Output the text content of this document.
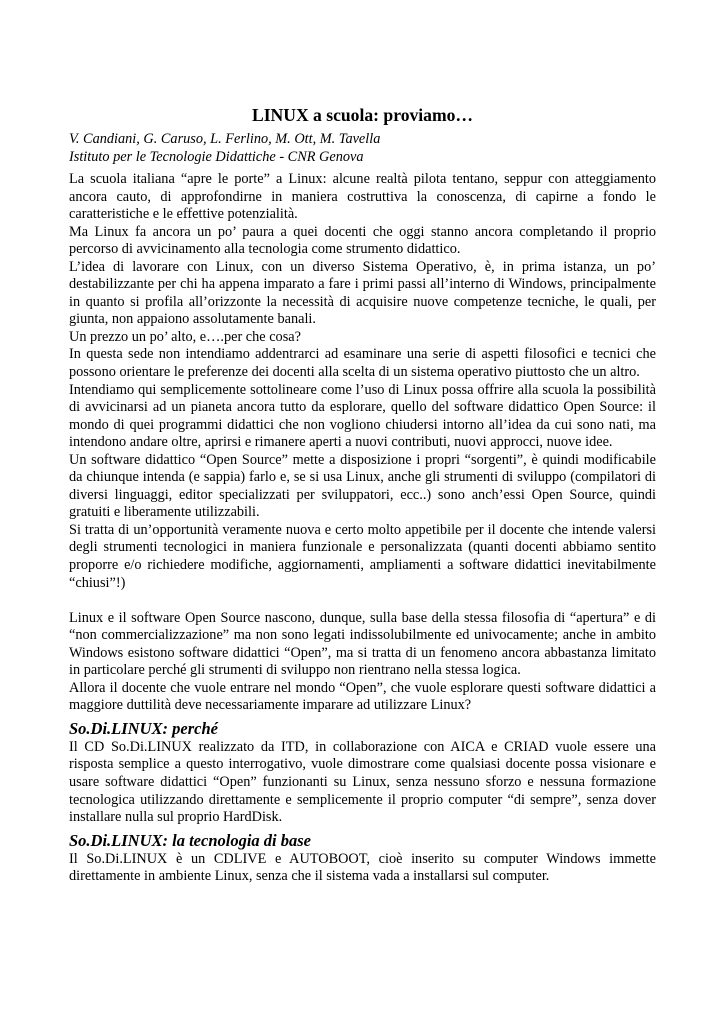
LINUX a scuola: proviamo…

V. Candiani, G. Caruso, L. Ferlino, M. Ott, M. Tavella

Istituto per le Tecnologie Didattiche - CNR Genova

La scuola italiana “apre le porte” a Linux: alcune realtà pilota tentano, seppur con atteggiamento ancora cauto, di approfondirne in maniera costruttiva la conoscenza, di capirne a fondo le caratteristiche e le effettive potenzialità.

Ma Linux fa ancora un po’ paura a quei docenti che oggi stanno ancora completando il proprio percorso di avvicinamento alla tecnologia come strumento didattico.

L’idea di lavorare con Linux, con un diverso Sistema Operativo, è, in prima istanza, un po’ destabilizzante per chi ha appena imparato a fare i primi passi all’interno di Windows, principalmente in quanto si profila all’orizzonte la necessità di acquisire nuove competenze tecniche, le quali, per giunta, non appaiono assolutamente banali.

Un prezzo un po’ alto, e….per che cosa?

In questa sede non intendiamo addentrarci ad esaminare una serie di aspetti filosofici e tecnici che possono orientare le preferenze dei docenti alla scelta di un sistema operativo piuttosto che un altro.

Intendiamo qui semplicemente sottolineare come l’uso di Linux possa offrire alla scuola la possibilità di avvicinarsi ad un pianeta ancora tutto da esplorare, quello del software didattico Open Source: il mondo di quei programmi didattici che non vogliono chiudersi intorno all’idea da cui sono nati, ma intendono andare oltre, aprirsi e rimanere aperti a nuovi contributi, nuovi approcci, nuove idee.

Un software didattico “Open Source” mette a disposizione i propri “sorgenti”, è quindi modificabile da chiunque intenda (e sappia) farlo e, se si usa Linux, anche gli strumenti di sviluppo (compilatori di diversi linguaggi, editor specializzati per sviluppatori, ecc..) sono anch’essi Open Source, quindi gratuiti e liberamente utilizzabili.

Si tratta di un’opportunità veramente nuova e certo molto appetibile per il docente che intende valersi degli strumenti tecnologici in maniera funzionale e personalizzata (quanti docenti abbiamo sentito proporre e/o richiedere modifiche, aggiornamenti, ampliamenti a software didattici inevitabilmente “chiusi”!)

Linux e il software Open Source nascono, dunque, sulla base della stessa filosofia di “apertura” e di “non commercializzazione” ma non sono legati indissolubilmente ed univocamente; anche in ambito Windows esistono software didattici “Open”, ma si tratta di un fenomeno ancora abbastanza limitato in particolare perché gli strumenti di sviluppo non rientrano nella stessa logica.

Allora il docente che vuole entrare nel mondo “Open”, che vuole esplorare questi software didattici a maggiore duttilità deve necessariamente imparare ad utilizzare Linux?

So.Di.LINUX: perché

Il CD So.Di.LINUX realizzato da ITD, in collaborazione con AICA e CRIAD vuole essere una risposta semplice a questo interrogativo, vuole dimostrare come qualsiasi docente possa visionare e usare software didattici “Open” funzionanti su Linux, senza nessuno sforzo e nessuna formazione tecnologica utilizzando direttamente e semplicemente il proprio computer “di sempre”, senza dover installare nulla sul proprio HardDisk.

So.Di.LINUX: la tecnologia di base

Il So.Di.LINUX è un CDLIVE e AUTOBOOT, cioè inserito su computer Windows immette direttamente in ambiente Linux, senza che il sistema vada a installarsi sul computer.
